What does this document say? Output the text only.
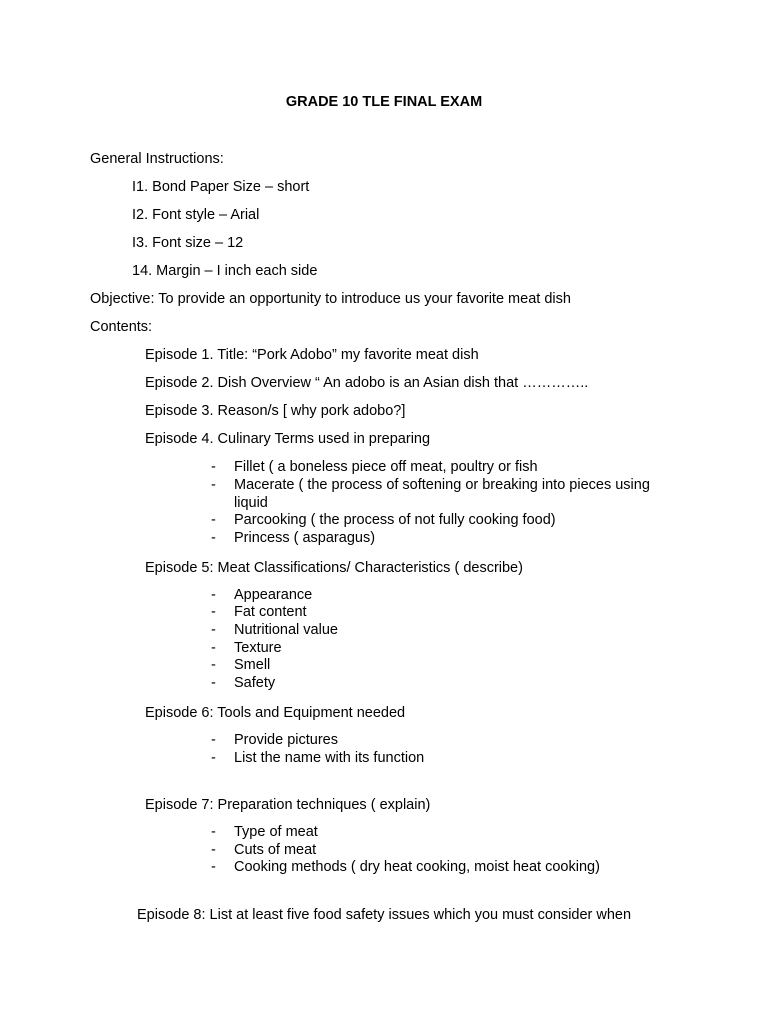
GRADE 10 TLE FINAL EXAM
General Instructions:
I1. Bond Paper Size – short
I2. Font style – Arial
I3. Font size – 12
14. Margin – I inch each side
Objective: To provide an opportunity to introduce us your favorite meat dish
Contents:
Episode 1. Title: “Pork Adobo” my favorite meat dish
Episode 2. Dish Overview “ An adobo is an Asian dish that …………..
Episode 3. Reason/s [ why pork adobo?]
Episode 4. Culinary Terms used in preparing
- Fillet ( a boneless piece off meat, poultry or fish
- Macerate ( the process of softening or breaking into pieces using liquid
- Parcooking ( the process of not fully cooking food)
- Princess ( asparagus)
Episode 5: Meat Classifications/ Characteristics ( describe)
- Appearance
- Fat content
- Nutritional value
- Texture
- Smell
- Safety
Episode 6: Tools and Equipment needed
- Provide pictures
- List the name with its function
Episode 7: Preparation techniques ( explain)
- Type of meat
- Cuts of meat
- Cooking methods ( dry heat cooking, moist heat cooking)
Episode 8: List at least five food safety issues which you must consider when
